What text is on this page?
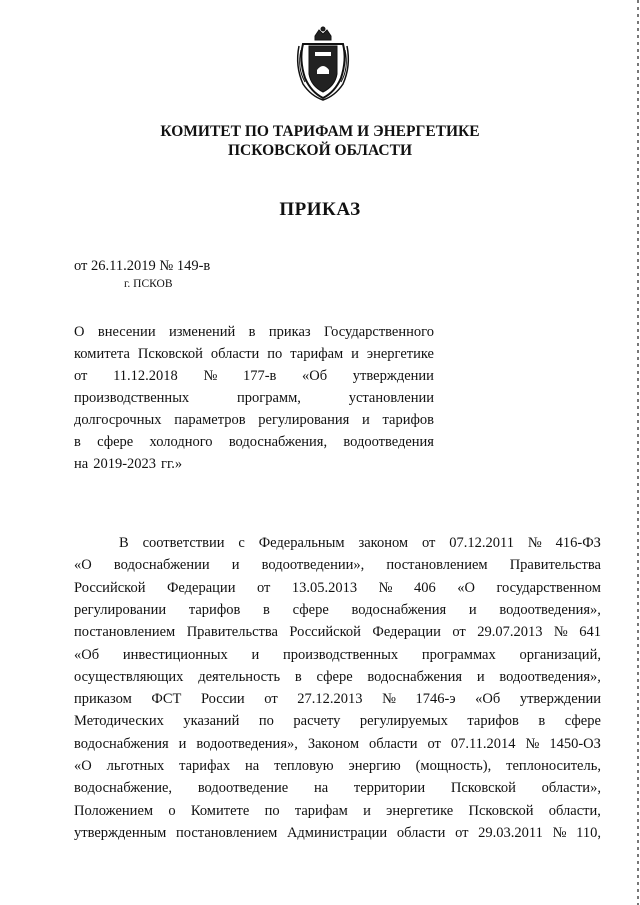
КОМИТЕТ ПО ТАРИФАМ И ЭНЕРГЕТИКЕ
ПСКОВСКОЙ ОБЛАСТИ
ПРИКАЗ
от 26.11.2019 № 149-в
г. ПСКОВ
О внесении изменений в приказ Государственного
комитета Псковской области по тарифам и энергетике
от 11.12.2018 № 177-в «Об утверждении
производственных	программ,	установлении
долгосрочных параметров регулирования и тарифов
в сфере холодного водоснабжения, водоотведения
на 2019-2023 гг.»
В соответствии с Федеральным законом от 07.12.2011 № 416-ФЗ
«О водоснабжении и водоотведении», постановлением Правительства
Российской Федерации от 13.05.2013 № 406 «О государственном
регулировании тарифов в сфере водоснабжения и водоотведения»,
постановлением Правительства Российской Федерации от 29.07.2013 № 641
«Об инвестиционных и производственных программах организаций,
осуществляющих деятельность в сфере водоснабжения и водоотведения»,
приказом ФСТ России от 27.12.2013 № 1746-э «Об утверждении
Методических указаний по расчету регулируемых тарифов в сфере
водоснабжения и водоотведения», Законом области от 07.11.2014 № 1450-ОЗ
«О льготных тарифах на тепловую энергию (мощность), теплоноситель,
водоснабжение, водоотведение на территории Псковской области»,
Положением о Комитете по тарифам и энергетике Псковской области,
утвержденным постановлением Администрации области от 29.03.2011 № 110,
